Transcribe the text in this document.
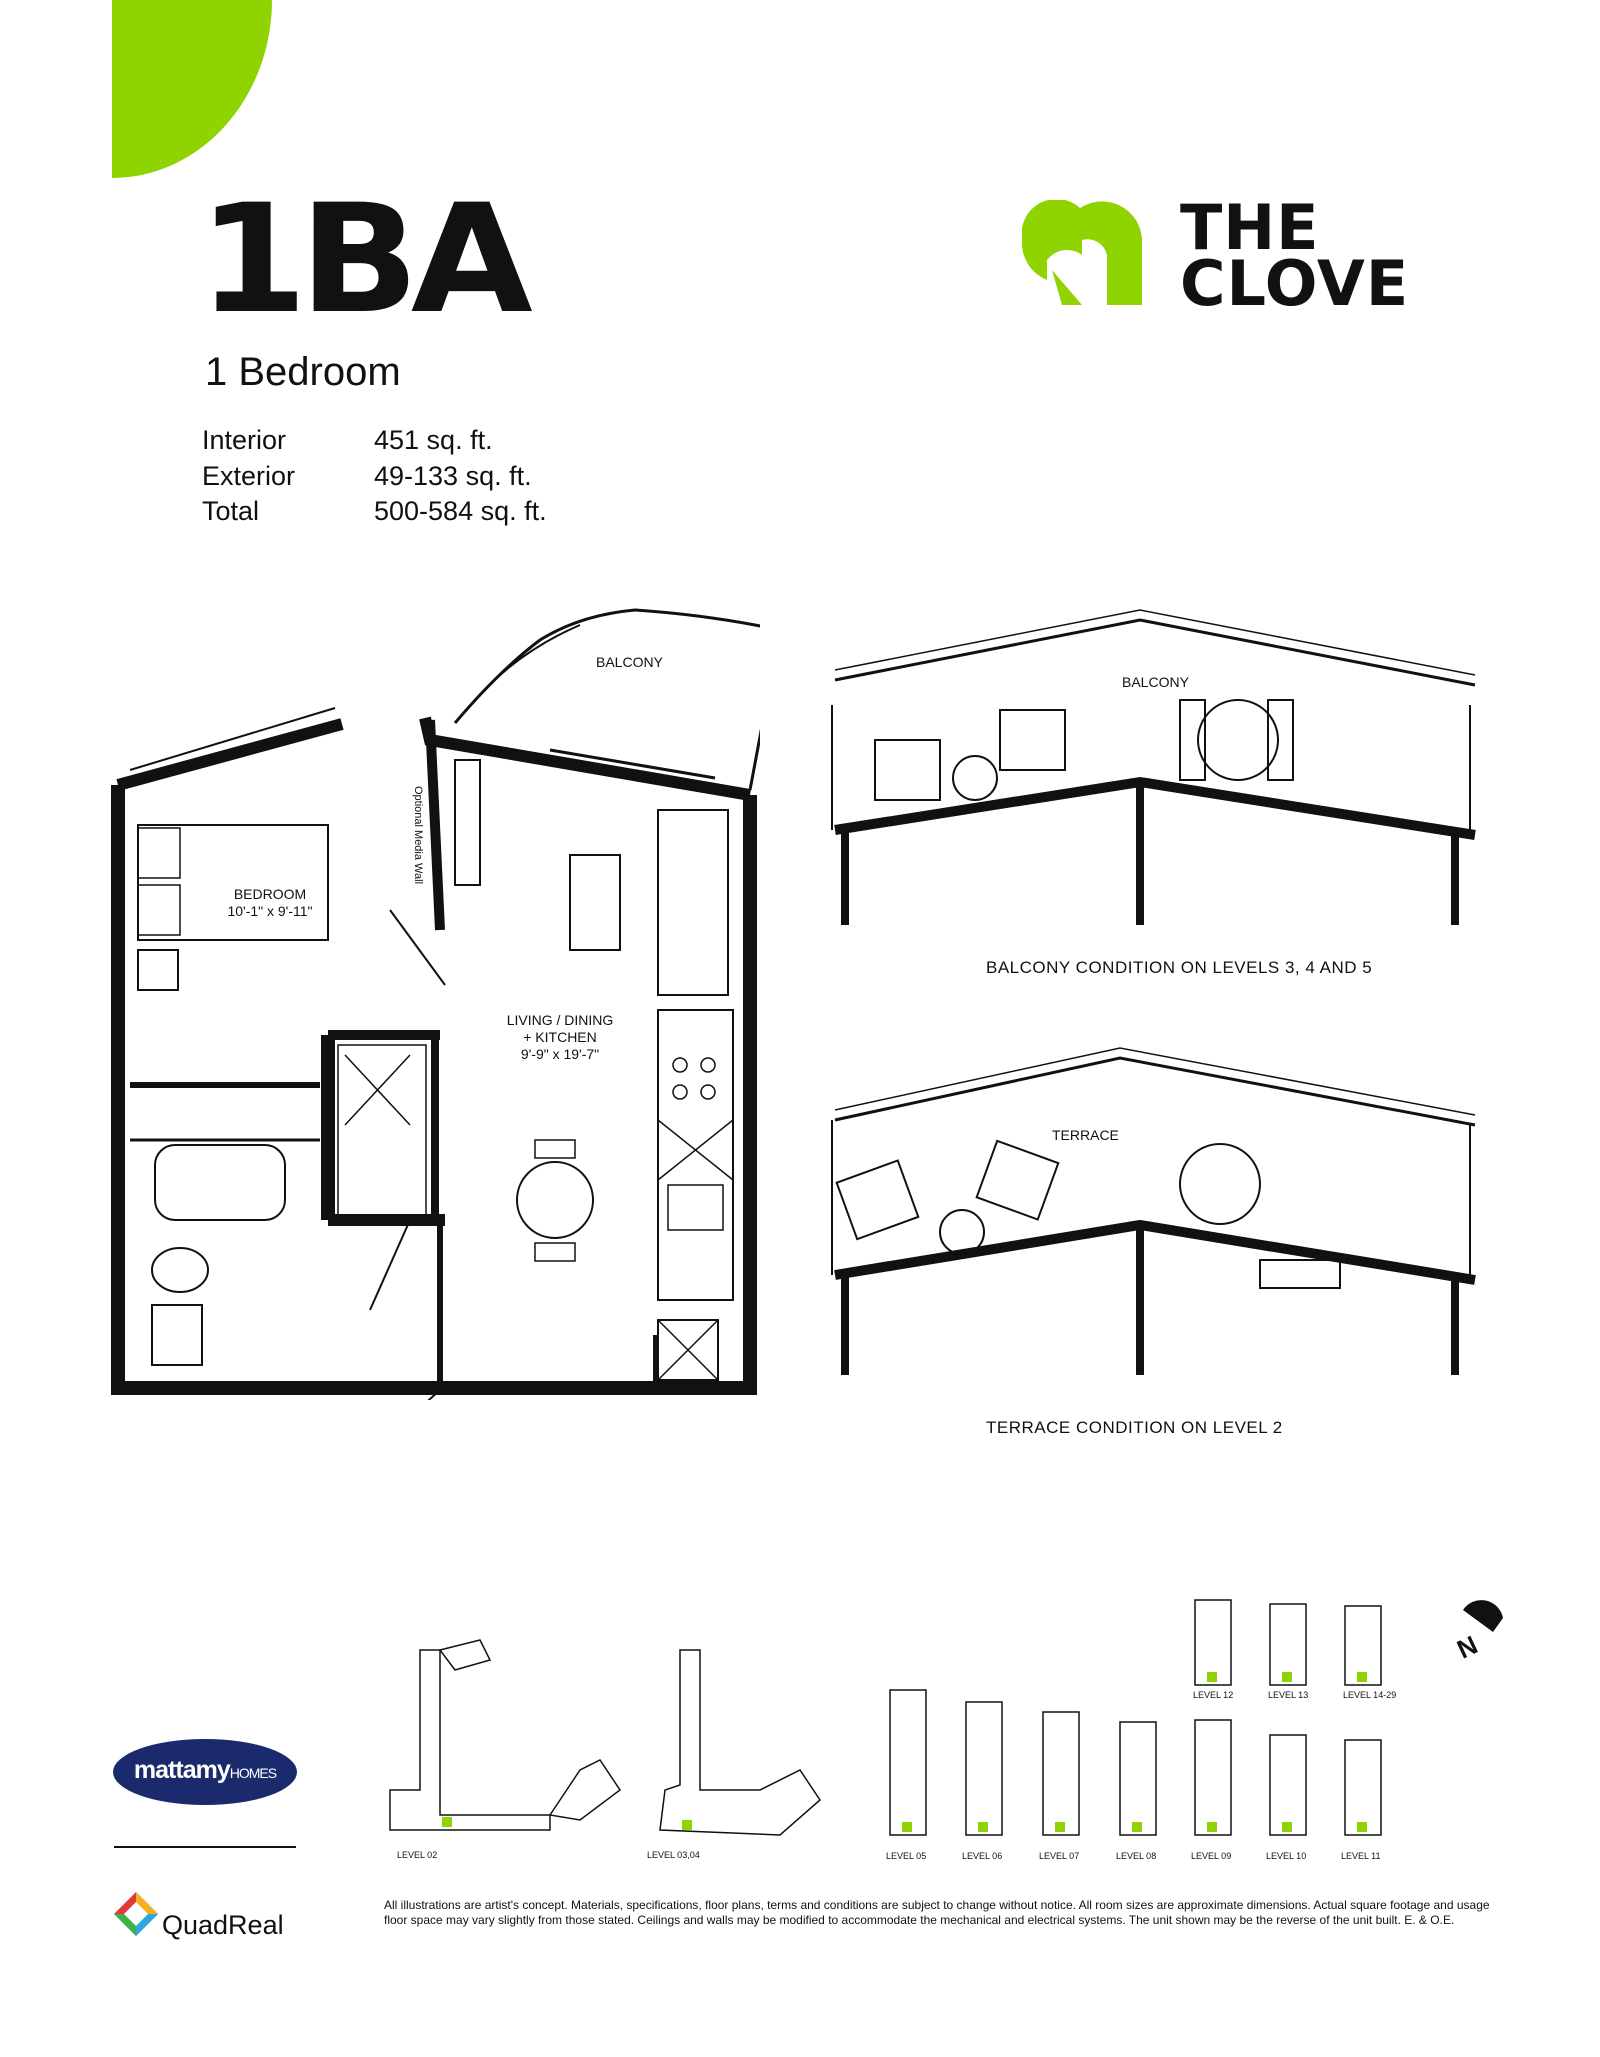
1BA
1 Bedroom
Interior	451 sq. ft.
Exterior	49-133 sq. ft.
Total	500-584 sq. ft.
THE
CLOVE
BALCONY
Optional Media Wall
BEDROOM
10'-1" x 9'-11"
LIVING / DINING
+ KITCHEN
9'-9" x 19'-7"
BALCONY
BALCONY CONDITION ON LEVELS 3, 4 AND 5
TERRACE
TERRACE CONDITION ON LEVEL 2
N
LEVEL 02	LEVEL 03,04	LEVEL 05	LEVEL 06	LEVEL 07	LEVEL 08	LEVEL 09	LEVEL 10	LEVEL 11
LEVEL 12	LEVEL 13	LEVEL 14-29
mattamyHOMES
QuadReal
All illustrations are artist's concept. Materials, specifications, floor plans, terms and conditions are subject to change without notice. All room sizes are approximate dimensions. Actual square footage and usage floor space may vary slightly from those stated. Ceilings and walls may be modified to accommodate the mechanical and electrical systems. The unit shown may be the reverse of the unit built. E. & O.E.
